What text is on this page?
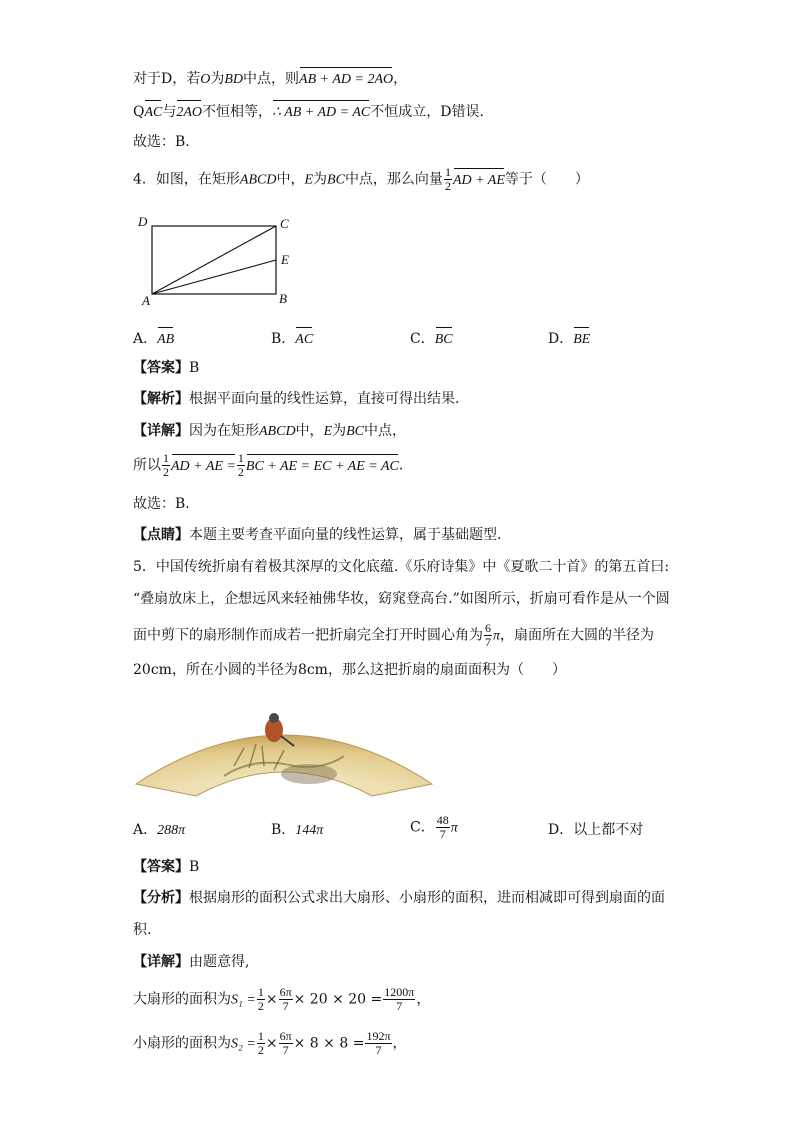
对于D，若O为BD中点，则AB + AD = 2AO，
QAC与2AO不恒相等，∴ AB + AD = AC不恒成立，D错误.
故选：B.
4．如图，在矩形ABCD中，E为BC中点，那么向量 $\frac{1}{2}$ AD + AE等于（　　）
D	C
E
A	B
A．AB	B．AC	C．BC	D．BE
【答案】B
【解析】根据平面向量的线性运算，直接可得出结果.
【详解】因为在矩形ABCD中，E为BC中点，
所以 $\frac{1}{2}$ AD + AE = $\frac{1}{2}$ BC + AE = EC + AE = AC.
故选：B.
【点睛】本题主要考查平面向量的线性运算，属于基础题型.
5．中国传统折扇有着极其深厚的文化底蕴.《乐府诗集》中《夏歌二十首》的第五首曰:
“叠扇放床上，企想远风来轻袖佛华妆，窈窕登高台.”如图所示，折扇可看作是从一个圆
面中剪下的扇形制作而成若一把折扇完全打开时圆心角为 $\frac{6}{7}$ π，扇面所在大圆的半径为
20cm，所在小圆的半径为8cm，那么这把折扇的扇面面积为（　　）
A．288π	B．144π	C． $\frac{48}{7}$ π	D．以上都不对
【答案】B
【分析】根据扇形的面积公式求出大扇形、小扇形的面积，进而相减即可得到扇面的面
积.
【详解】由题意得,
大扇形的面积为$S_1 = \frac{1}{2} \times \frac{6\pi}{7} \times 20 \times 20 = \frac{1200\pi}{7}$ ，
小扇形的面积为$S_2 = \frac{1}{2} \times \frac{6\pi}{7} \times 8 \times 8 = \frac{192\pi}{7}$ ，
